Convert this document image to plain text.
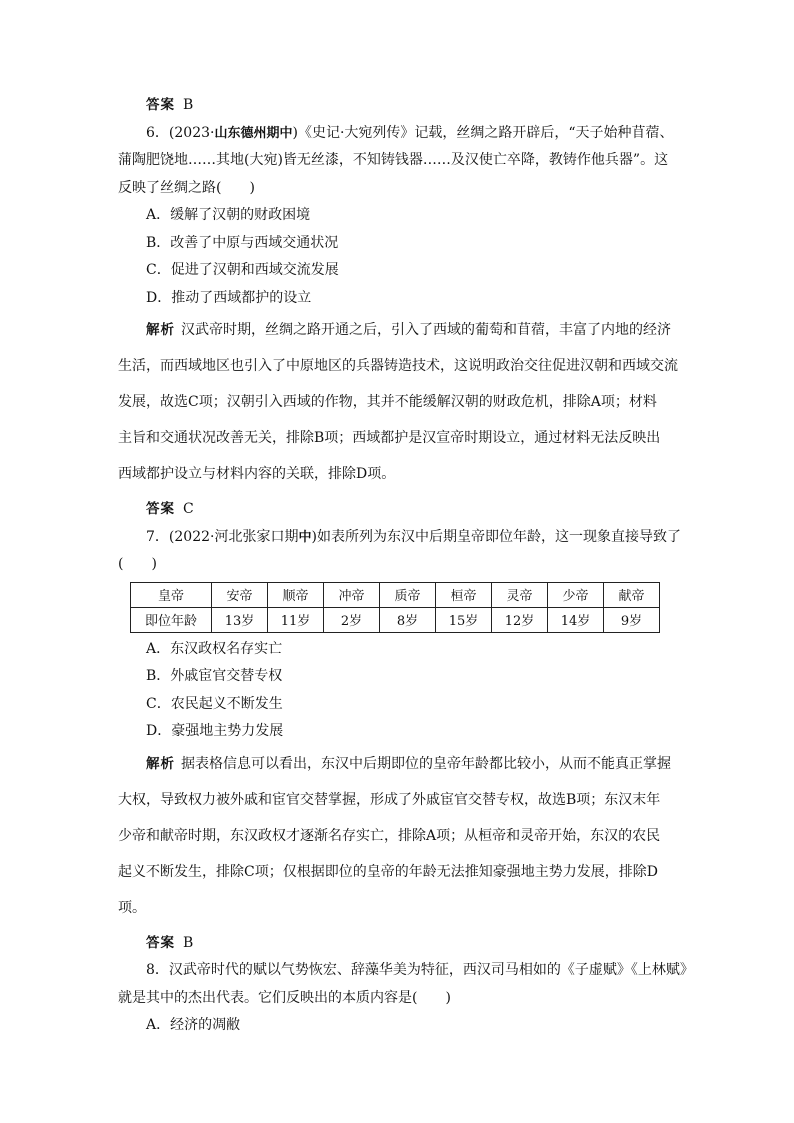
答案 B
6．(2023·山东德州期中)《史记·大宛列传》记载，丝绸之路开辟后，“天子始种苜蓿、
蒲陶肥饶地……其地(大宛)皆无丝漆，不知铸钱器……及汉使亡卒降，教铸作他兵器”。这
反映了丝绸之路(　　)
A．缓解了汉朝的财政困境
B．改善了中原与西域交通状况
C．促进了汉朝和西域交流发展
D．推动了西域都护的设立
解析 汉武帝时期，丝绸之路开通之后，引入了西域的葡萄和苜蓿，丰富了内地的经济
生活，而西域地区也引入了中原地区的兵器铸造技术，这说明政治交往促进汉朝和西域交流
发展，故选C项；汉朝引入西域的作物，其并不能缓解汉朝的财政危机，排除A项；材料
主旨和交通状况改善无关，排除B项；西域都护是汉宣帝时期设立，通过材料无法反映出
西域都护设立与材料内容的关联，排除D项。
答案 C
7．(2022·河北张家口期中)如表所列为东汉中后期皇帝即位年龄，这一现象直接导致了
(　　)
皇帝	安帝	顺帝	冲帝	质帝	桓帝	灵帝	少帝	献帝
即位年龄	13岁	11岁	2岁	8岁	15岁	12岁	14岁	9岁
A．东汉政权名存实亡
B．外戚宦官交替专权
C．农民起义不断发生
D．豪强地主势力发展
解析 据表格信息可以看出，东汉中后期即位的皇帝年龄都比较小，从而不能真正掌握
大权，导致权力被外戚和宦官交替掌握，形成了外戚宦官交替专权，故选B项；东汉末年
少帝和献帝时期，东汉政权才逐渐名存实亡，排除A项；从桓帝和灵帝开始，东汉的农民
起义不断发生，排除C项；仅根据即位的皇帝的年龄无法推知豪强地主势力发展，排除D
项。
答案 B
8．汉武帝时代的赋以气势恢宏、辞藻华美为特征，西汉司马相如的《子虚赋》《上林赋》
就是其中的杰出代表。它们反映出的本质内容是(　　)
A．经济的凋敝
